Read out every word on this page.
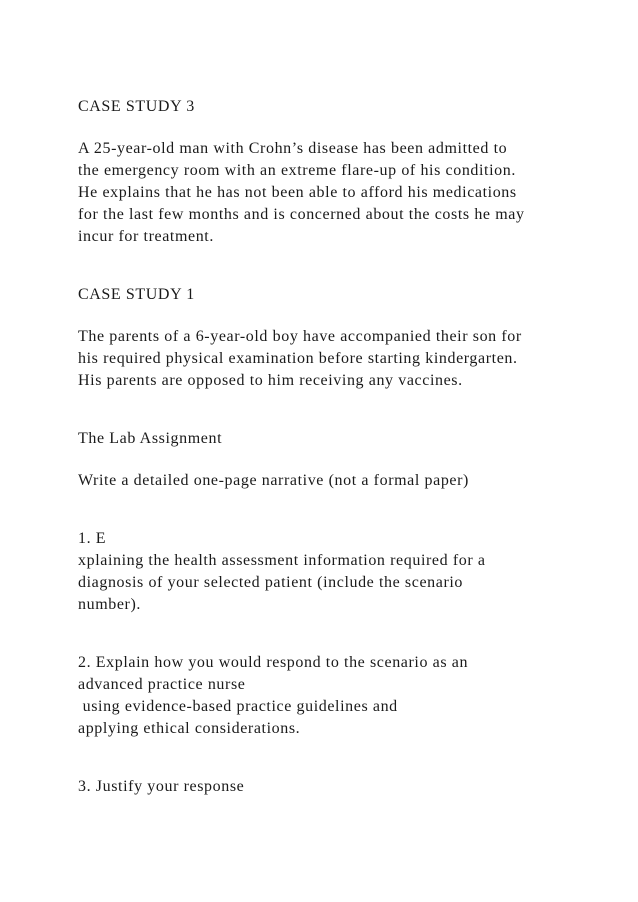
CASE STUDY 3
A 25-year-old man with Crohn’s disease has been admitted to
the emergency room with an extreme flare-up of his condition.
He explains that he has not been able to afford his medications
for the last few months and is concerned about the costs he may
incur for treatment.
CASE STUDY 1
The parents of a 6-year-old boy have accompanied their son for
his required physical examination before starting kindergarten.
His parents are opposed to him receiving any vaccines.
The Lab Assignment
Write a detailed one-page narrative (not a formal paper)
1. E
xplaining the health assessment information required for a
diagnosis of your selected patient (include the scenario
number).
2. Explain how you would respond to the scenario as an
advanced practice nurse
using evidence-based practice guidelines and
applying ethical considerations.
3. Justify your response
